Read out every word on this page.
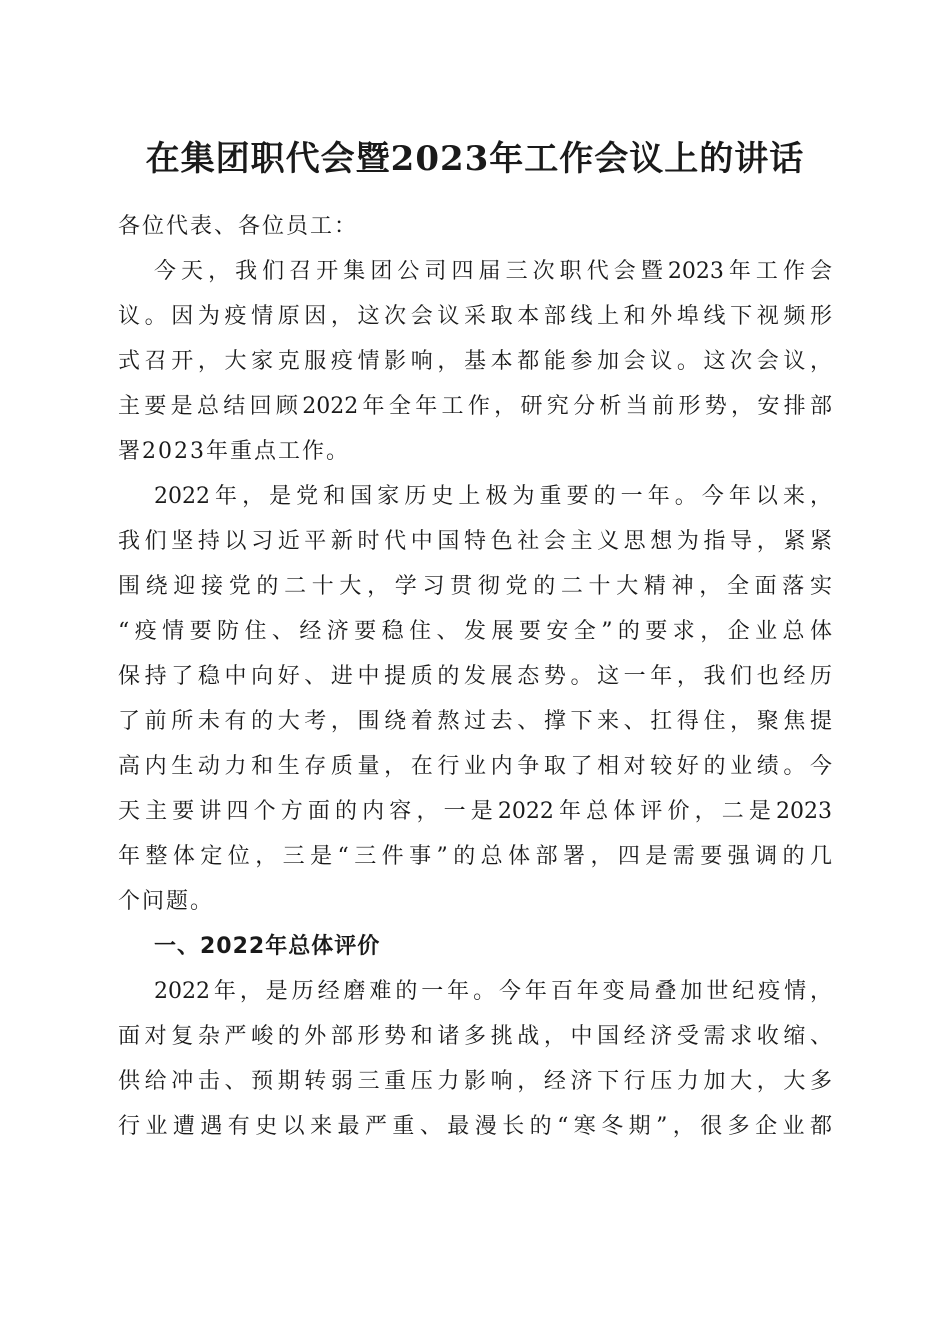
在集团职代会暨2023年工作会议上的讲话
各位代表、各位员工：
今天，我们召开集团公司四届三次职代会暨2023年工作会
议。因为疫情原因，这次会议采取本部线上和外埠线下视频形
式召开，大家克服疫情影响，基本都能参加会议。这次会议，
主要是总结回顾2022年全年工作，研究分析当前形势，安排部
署2023年重点工作。
2022年，是党和国家历史上极为重要的一年。今年以来，
我们坚持以习近平新时代中国特色社会主义思想为指导，紧紧
围绕迎接党的二十大，学习贯彻党的二十大精神，全面落实
“疫情要防住、经济要稳住、发展要安全”的要求，企业总体
保持了稳中向好、进中提质的发展态势。这一年，我们也经历
了前所未有的大考，围绕着熬过去、撑下来、扛得住，聚焦提
高内生动力和生存质量，在行业内争取了相对较好的业绩。今
天主要讲四个方面的内容，一是2022年总体评价，二是2023
年整体定位，三是“三件事”的总体部署，四是需要强调的几
个问题。
一、2022年总体评价
2022年，是历经磨难的一年。今年百年变局叠加世纪疫情，
面对复杂严峻的外部形势和诸多挑战，中国经济受需求收缩、
供给冲击、预期转弱三重压力影响，经济下行压力加大，大多
行业遭遇有史以来最严重、最漫长的“寒冬期”，很多企业都
